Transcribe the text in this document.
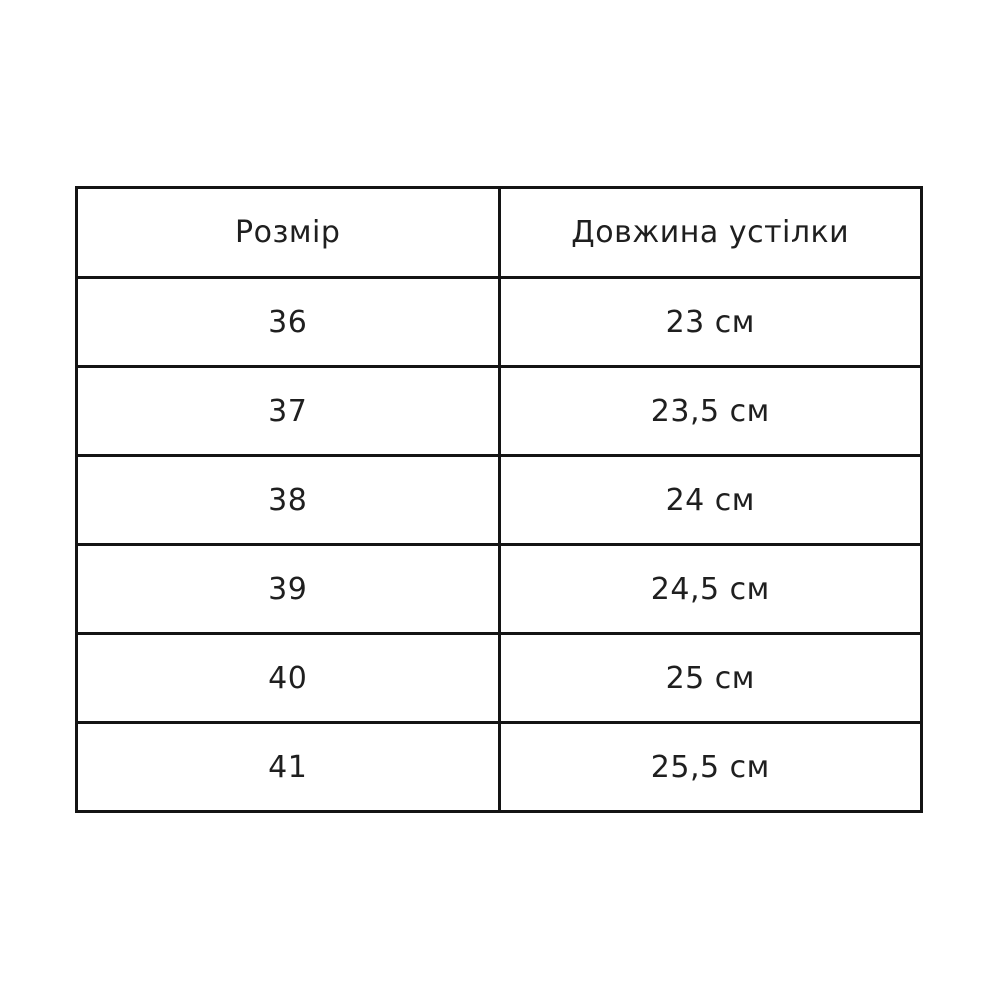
Розмір	Довжина устілки
36	23 см
37	23,5 см
38	24 см
39	24,5 см
40	25 см
41	25,5 см
